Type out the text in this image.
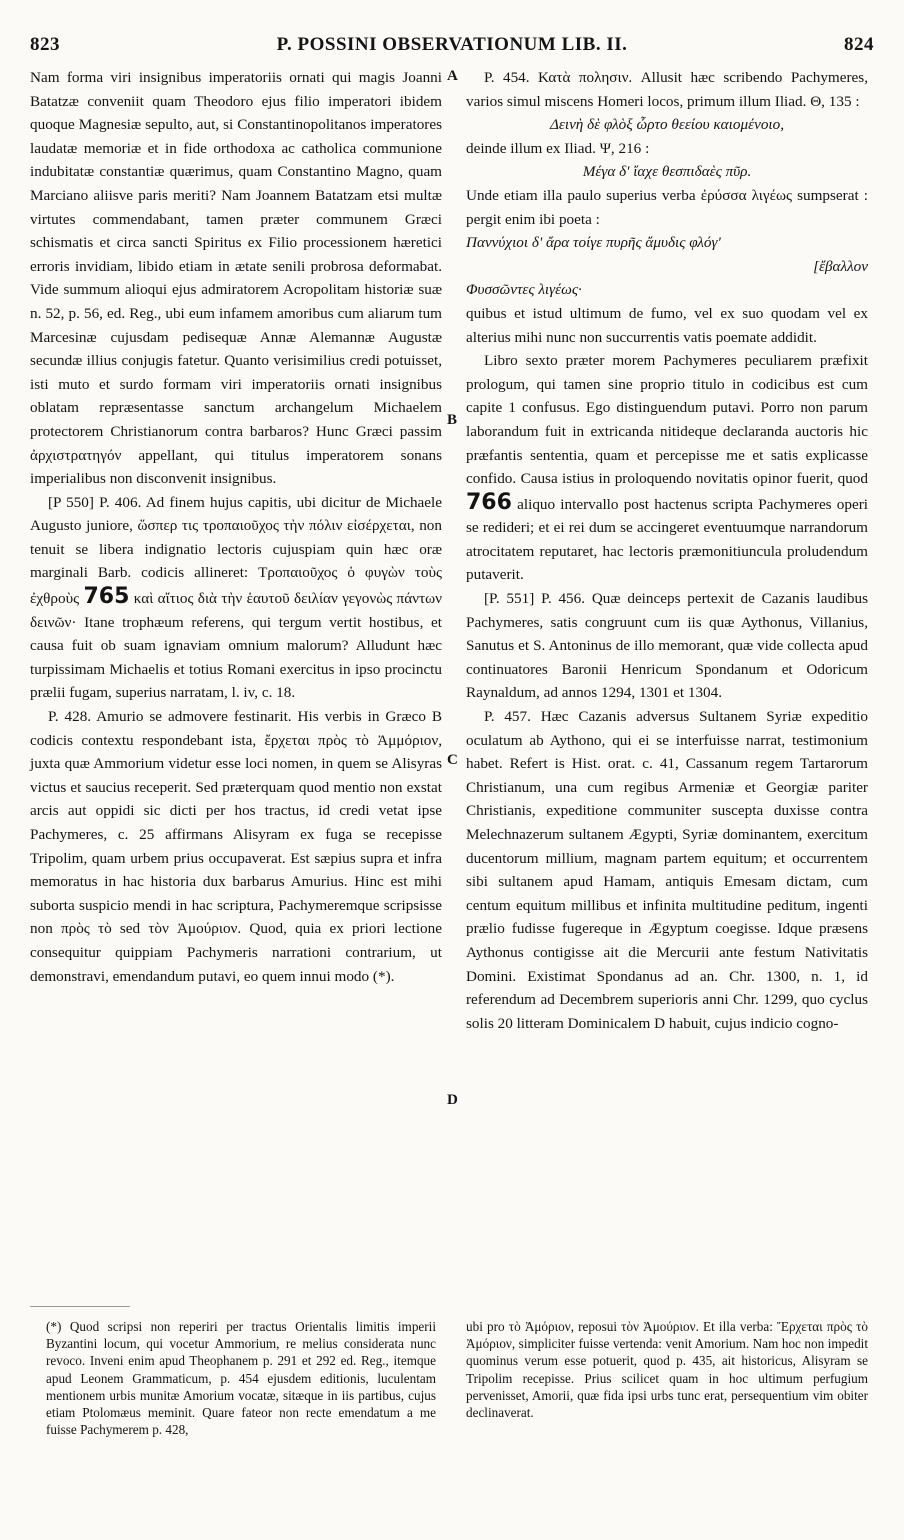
823	P. POSSINI OBSERVATIONUM LIB. II.	824

Nam forma viri insignibus imperatoriis ornati qui magis Joanni Batatzæ conveniit quam Theodoro ejus filio imperatori ibidem quoque Magnesiæ sepulto, aut, si Constantinopolitanos imperatores laudatæ memoriæ et in fide orthodoxa ac catholica communione indubitatæ constantiæ quærimus, quam Constantino Magno, quam Marciano aliisve paris meriti? Nam Joannem Batatzam etsi multæ virtutes commendabant, tamen præter communem Græci schismatis et circa sancti Spiritus ex Filio processionem hæretici erroris invidiam, libido etiam in ætate senili probrosa deformabat. Vide summum alioqui ejus admiratorem Acropolitam historiæ suæ n. 52, p. 56, ed. Reg., ubi eum infamem amoribus cum aliarum tum Marcesinæ cujusdam pedisequæ Annæ Alemannæ Augustæ secundæ illius conjugis fatetur. Quanto verisimilius credi potuisset, isti muto et surdo formam viri imperatoriis ornati insignibus oblatam repræsentasse sanctum archangelum Michaelem protectorem Christianorum contra barbaros? Hunc Græci passim ἀρχιστρατηγόν appellant, qui titulus imperatorem sonans imperialibus non disconvenit insignibus.

[P 550] P. 406. Ad finem hujus capitis, ubi dicitur de Michaele Augusto juniore, ὥσπερ τις τροπαιοῦχος τὴν πόλιν εἰσέρχεται, non tenuit se libera indignatio lectoris cujuspiam quin hæc oræ marginali Barb. codicis allineret: Τροπαιοῦχος ὁ φυγὼν τοὺς ἐχθροὺς 765 καὶ αἴτιος διὰ τὴν ἑαυτοῦ δειλίαν γεγονὼς πάντων δεινῶν· Itane trophæum referens, qui tergum vertit hostibus, et causa fuit ob suam ignaviam omnium malorum? Alludunt hæc turpissimam Michaelis et totius Romani exercitus in ipso procinctu prælii fugam, superius narratam, l. iv, c. 18.

P. 428. Amurio se admovere festinarit. His verbis in Græco B codicis contextu respondebant ista, ἔρχεται πρὸς τὸ Ἀμμόριον, juxta quæ Ammorium videtur esse loci nomen, in quem se Alisyras victus et saucius receperit. Sed præterquam quod mentio non exstat arcis aut oppidi sic dicti per hos tractus, id credi vetat ipse Pachymeres, c. 25 affirmans Alisyram ex fuga se recepisse Tripolim, quam urbem prius occupaverat. Est sæpius supra et infra memoratus in hac historia dux barbarus Amurius. Hinc est mihi suborta suspicio mendi in hac scriptura, Pachymeremque scripsisse non πρὸς τὸ sed τὸν Ἀμούριον. Quod, quia ex priori lectione consequitur quippiam Pachymeris narrationi contrarium, ut demonstravi, emendandum putavi, eo quem innui modo (*).

P. 454. Κατὰ πολησιν. Allusit hæc scribendo Pachymeres, varios simul miscens Homeri locos, primum illum Iliad. Θ, 135 :

Δεινὴ δὲ φλὸξ ὦρτο θεείου καιομένοιο,

deinde illum ex Iliad. Ψ, 216 :

Μέγα δ' ἴαχε θεσπιδαὲς πῦρ.

Unde etiam illa paulo superius verba ἐρύσσα λιγέως sumpserat : pergit enim ibi poeta :

Παννύχιοι δ' ἄρα τοίγε πυρῆς ἄμυδις φλόγ'

[ἔβαλλον

Φυσσῶντες λιγέως·

quibus et istud ultimum de fumo, vel ex suo quodam vel ex alterius mihi nunc non succurrentis vatis poemate addidit.

Libro sexto præter morem Pachymeres peculiarem præfixit prologum, qui tamen sine proprio titulo in codicibus est cum capite 1 confusus. Ego distinguendum putavi. Porro non parum laborandum fuit in extricanda nitideque declaranda auctoris hic præfantis sententia, quam et percepisse me et satis explicasse confido. Causa istius in proloquendo novitatis opinor fuerit, quod 766 aliquo intervallo post hactenus scripta Pachymeres operi se redideri; et ei rei dum se accingeret eventuumque narrandorum atrocitatem reputaret, hac lectoris præmonitiuncula proludendum putaverit.

[P. 551] P. 456. Quæ deinceps pertexit de Cazanis laudibus Pachymeres, satis congruunt cum iis quæ Aythonus, Villanius, Sanutus et S. Antoninus de illo memorant, quæ vide collecta apud continuatores Baronii Henricum Spondanum et Odoricum Raynaldum, ad annos 1294, 1301 et 1304.

P. 457. Hæc Cazanis adversus Sultanem Syriæ expeditio oculatum ab Aythono, qui ei se interfuisse narrat, testimonium habet. Refert is Hist. orat. c. 41, Cassanum regem Tartarorum Christianum, una cum regibus Armeniæ et Georgiæ pariter Christianis, expeditione communiter suscepta duxisse contra Melechnazerum sultanem Ægypti, Syriæ dominantem, exercitum ducentorum millium, magnam partem equitum; et occurrentem sibi sultanem apud Hamam, antiquis Emesam dictam, cum centum equitum millibus et infinita multitudine peditum, ingenti prælio fudisse fugereque in Ægyptum coegisse. Idque præsens Aythonus contigisse ait die Mercurii ante festum Nativitatis Domini. Existimat Spondanus ad an. Chr. 1300, n. 1, id referendum ad Decembrem superioris anni Chr. 1299, quo cyclus solis 20 litteram Dominicalem D habuit, cujus indicio cogno-

A
B
C
D

(*) Quod scripsi non reperiri per tractus Orientalis limitis imperii Byzantini locum, qui vocetur Ammorium, re melius considerata nunc revoco. Inveni enim apud Theophanem p. 291 et 292 ed. Reg., itemque apud Leonem Grammaticum, p. 454 ejusdem editionis, luculentam mentionem urbis munitæ Amorium vocatæ, sitæque in iis partibus, cujus etiam Ptolomæus meminit. Quare fateor non recte emendatum a me fuisse Pachymerem p. 428,

ubi pro τὸ Ἀμόριον, reposui τὸν Ἀμούριον. Et illa verba: Ἔρχεται πρὸς τὸ Ἀμόριον, simpliciter fuisse vertenda: venit Amorium. Nam hoc non impedit quominus verum esse potuerit, quod p. 435, ait historicus, Alisyram se Tripolim recepisse. Prius scilicet quam in hoc ultimum perfugium pervenisset, Amorii, quæ fida ipsi urbs tunc erat, persequentium vim obiter declinaverat.
